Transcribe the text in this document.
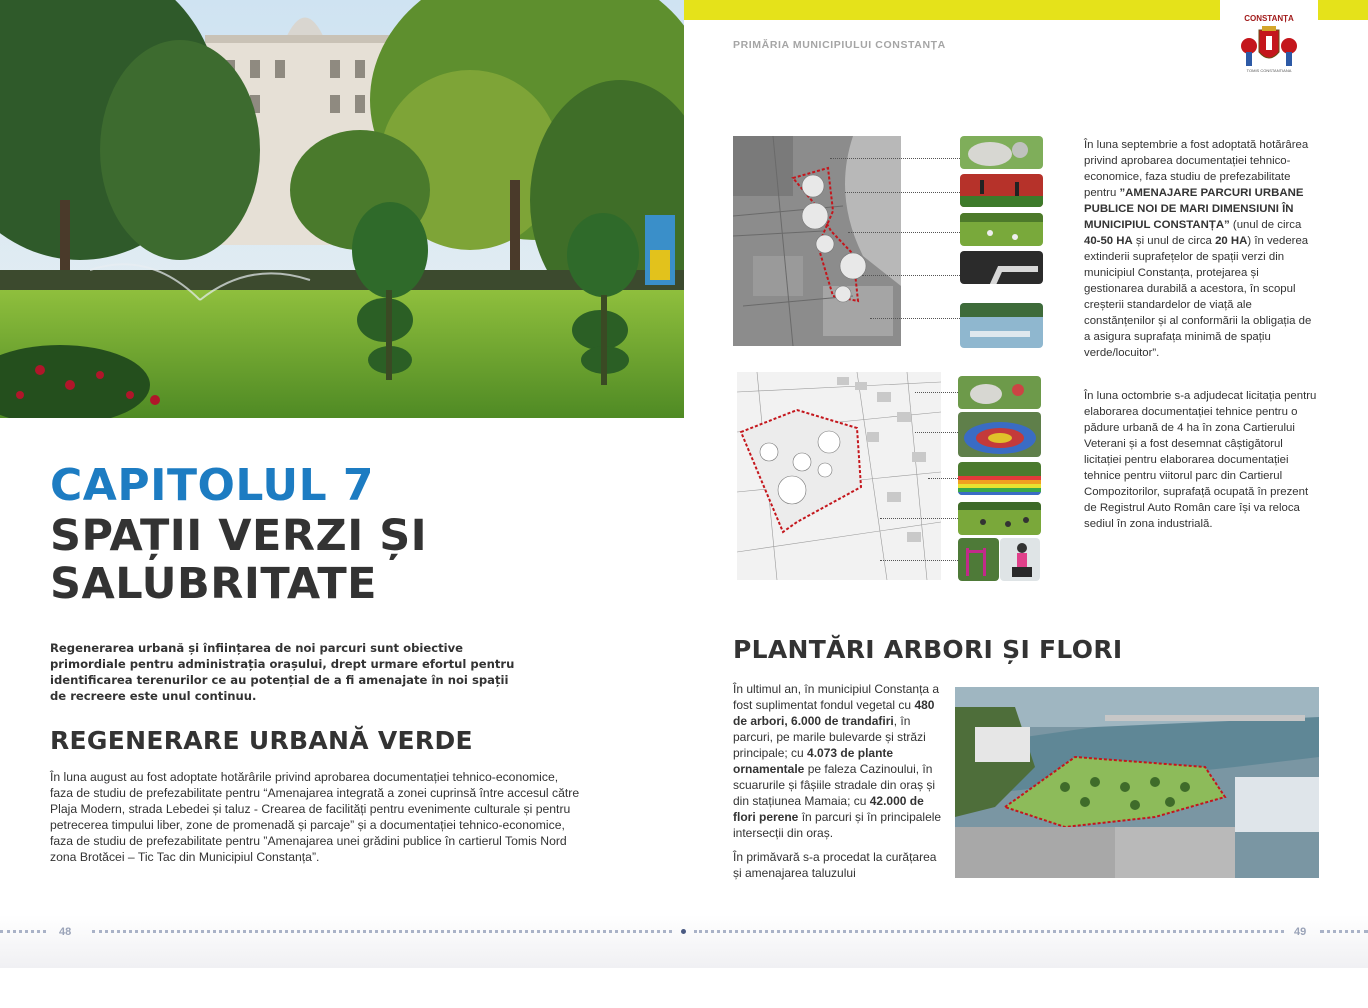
CAPITOLUL 7
SPAȚII VERZI ȘI SALUBRITATE

Regenerarea urbană și înființarea de noi parcuri sunt obiective primordiale pentru administrația orașului, drept urmare efortul pentru identificarea terenurilor ce au potențial de a fi amenajate în noi spații de recreere este unul continuu.

REGENERARE URBANĂ VERDE

În luna august au fost adoptate hotărârile privind aprobarea documentației tehnico-economice, faza de studiu de prefezabilitate pentru “Amenajarea integrată a zonei cuprinsă între accesul către Plaja Modern, strada Lebedei și taluz - Crearea de facilități pentru evenimente culturale și pentru petrecerea timpului liber, zone de promenadă și parcaje” și a documentației tehnico-economice, faza de studiu de prefezabilitate pentru ”Amenajarea unei grădini publice în cartierul Tomis Nord zona Brotăcei – Tic Tac din Municipiul Constanța”.

PRIMĂRIA MUNICIPIULUI CONSTANȚA
CONSTANȚA
TOMIS CONSTANTIANA

În luna septembrie a fost adoptată hotărârea privind aprobarea documentației tehnico-economice, faza studiu de prefezabilitate pentru ”AMENAJARE PARCURI URBANE PUBLICE NOI DE MARI DIMENSIUNI ÎN MUNICIPIUL CONSTANȚA” (unul de circa 40-50 HA și unul de circa 20 HA) în vederea extinderii suprafețelor de spații verzi din municipiul Constanța, protejarea și gestionarea durabilă a acestora, în scopul creșterii standardelor de viață ale constănțenilor și al conformării la obligația de a asigura suprafața minimă de spațiu verde/locuitor”.

În luna octombrie s-a adjudecat licitația pentru elaborarea documentației tehnice pentru o pădure urbană de 4 ha în zona Cartierului Veterani și a fost desemnat câștigătorul licitației pentru elaborarea documentației tehnice pentru viitorul parc din Cartierul Compozitorilor, suprafață ocupată în prezent de Registrul Auto Român care își va reloca sediul în zona industrială.

PLANTĂRI ARBORI ȘI FLORI

În ultimul an, în municipiul Constanța a fost suplimentat fondul vegetal cu 480 de arbori, 6.000 de trandafiri, în parcuri, pe marile bulevarde și străzi principale; cu 4.073 de plante ornamentale pe faleza Cazinoului, în scuarurile și fâșiile stradale din oraș și din stațiunea Mamaia; cu 42.000 de flori perene în parcuri și în principalele intersecții din oraș.

În primăvară s-a procedat la curățarea și amenajarea taluzului

48	49
